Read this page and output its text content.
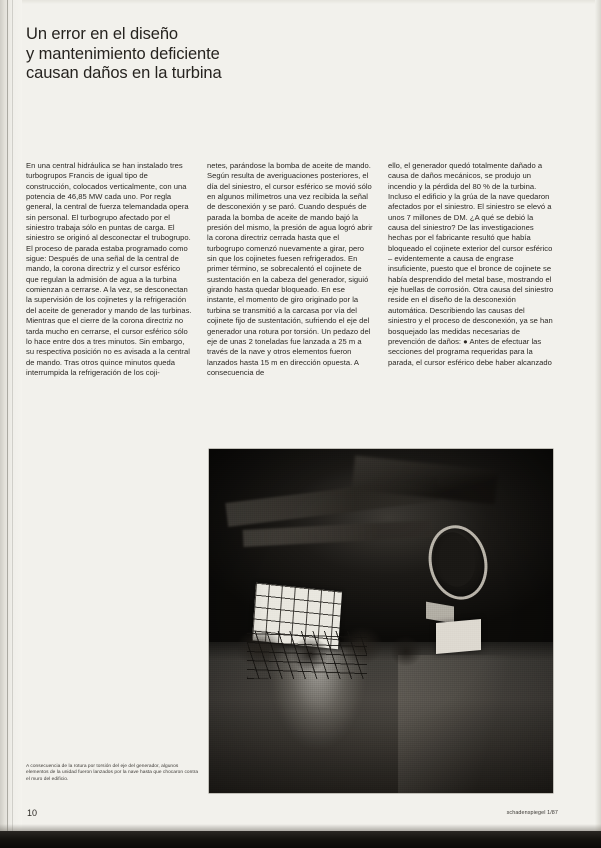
Un error en el diseño
y mantenimiento deficiente
causan daños en la turbina

En una central hidráulica se han instalado tres turbogrupos Francis de igual tipo de construcción, colocados verticalmente, con una potencia de 46,85 MW cada uno. Por regla general, la central de fuerza telemandada opera sin personal. El turbogrupo afectado por el siniestro trabaja sólo en puntas de carga. El siniestro se originó al desconectar el trubogrupo. El proceso de parada estaba programado como sigue: Después de una señal de la central de mando, la corona directriz y el cursor esférico que regulan la admisión de agua a la turbina comienzan a cerrarse. A la vez, se desconectan la supervisión de los cojinetes y la refrigeración del aceite de generador y mando de las turbinas. Mientras que el cierre de la corona directriz no tarda mucho en cerrarse, el cursor esférico sólo lo hace entre dos a tres minutos. Sin embargo, su respectiva posición no es avisada a la central de mando. Tras otros quince minutos queda interrumpida la refrigeración de los coji-

netes, parándose la bomba de aceite de mando. Según resulta de averiguaciones posteriores, el día del siniestro, el cursor esférico se movió sólo en algunos milímetros una vez recibida la señal de desconexión y se paró. Cuando después de parada la bomba de aceite de mando bajó la presión del mismo, la presión de agua logró abrir la corona directriz cerrada hasta que el turbogrupo comenzó nuevamente a girar, pero sin que los cojinetes fuesen refrigerados. En primer término, se sobrecalentó el cojinete de sustentación en la cabeza del generador, siguió girando hasta quedar bloqueado. En ese instante, el momento de giro originado por la turbina se transmitió a la carcasa por vía del cojinete fijo de sustentación, sufriendo el eje del generador una rotura por torsión. Un pedazo del eje de unas 2 toneladas fue lanzada a 25 m a través de la nave y otros elementos fueron lanzados hasta 15 m en dirección opuesta. A consecuencia de

ello, el generador quedó totalmente dañado a causa de daños mecánicos, se produjo un incendio y la pérdida del 80 % de la turbina. Incluso el edificio y la grúa de la nave quedaron afectados por el siniestro. El siniestro se elevó a unos 7 millones de DM. ¿A qué se debió la causa del siniestro? De las investigaciones hechas por el fabricante resultó que había bloqueado el cojinete exterior del cursor esférico – evidentemente a causa de engrase insuficiente, puesto que el bronce de cojinete se había desprendido del metal base, mostrando el eje huellas de corrosión. Otra causa del siniestro reside en el diseño de la desconexión automática. Describiendo las causas del siniestro y el proceso de desconexión, ya se han bosquejado las medidas necesarias de prevención de daños: ● Antes de efectuar las secciones del programa requeridas para la parada, el cursor esférico debe haber alcanzado

A consecuencia de la rotura por torsión del eje del generador, algunos elementos de la unidad fueron lanzados por la nave hasta que chocaron contra el muro del edificio.
10	schadenspiegel 1/87
